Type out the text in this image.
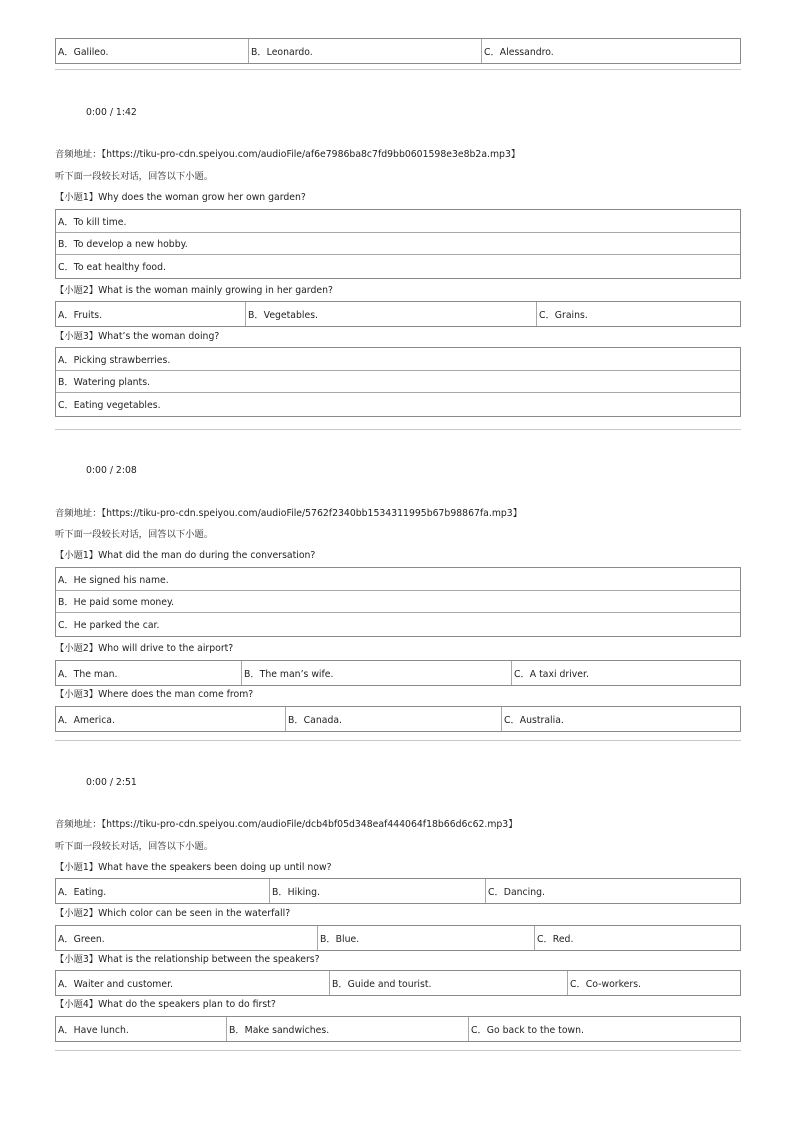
A．Galileo.	B．Leonardo.	C．Alessandro.
0:00 / 1:42
音频地址：【https://tiku-pro-cdn.speiyou.com/audioFile/af6e7986ba8c7fd9bb0601598e3e8b2a.mp3】
听下面一段较长对话，回答以下小题。
【小题1】Why does the woman grow her own garden?
A．To kill time.
B．To develop a new hobby.
C．To eat healthy food.
【小题2】What is the woman mainly growing in her garden?
A．Fruits.	B．Vegetables.	C．Grains.
【小题3】What’s the woman doing?
A．Picking strawberries.
B．Watering plants.
C．Eating vegetables.
0:00 / 2:08
音频地址：【https://tiku-pro-cdn.speiyou.com/audioFile/5762f2340bb1534311995b67b98867fa.mp3】
听下面一段较长对话，回答以下小题。
【小题1】What did the man do during the conversation?
A．He signed his name.
B．He paid some money.
C．He parked the car.
【小题2】Who will drive to the airport?
A．The man.	B．The man’s wife.	C．A taxi driver.
【小题3】Where does the man come from?
A．America.	B．Canada.	C．Australia.
0:00 / 2:51
音频地址：【https://tiku-pro-cdn.speiyou.com/audioFile/dcb4bf05d348eaf444064f18b66d6c62.mp3】
听下面一段较长对话，回答以下小题。
【小题1】What have the speakers been doing up until now?
A．Eating.	B．Hiking.	C．Dancing.
【小题2】Which color can be seen in the waterfall?
A．Green.	B．Blue.	C．Red.
【小题3】What is the relationship between the speakers?
A．Waiter and customer.	B．Guide and tourist.	C．Co-workers.
【小题4】What do the speakers plan to do first?
A．Have lunch.	B．Make sandwiches.	C．Go back to the town.
